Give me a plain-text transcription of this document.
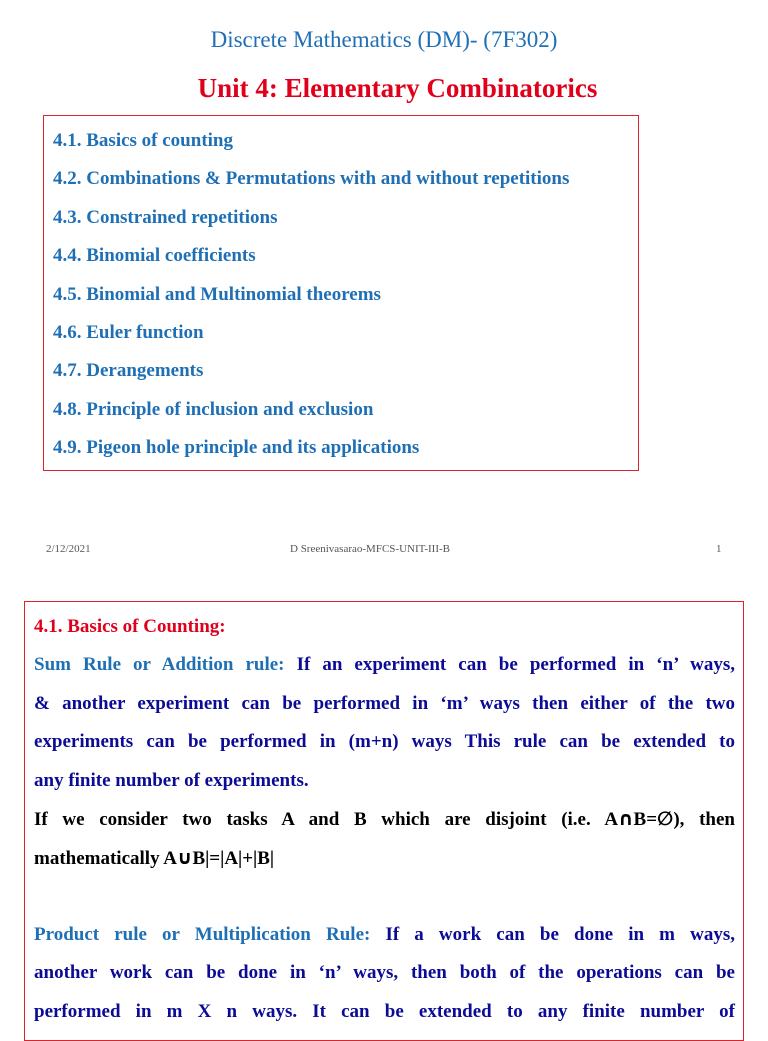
Discrete Mathematics (DM)- (7F302)
Unit 4: Elementary Combinatorics
4.1. Basics of counting
4.2. Combinations & Permutations with and without repetitions
4.3. Constrained repetitions
4.4. Binomial coefficients
4.5. Binomial and Multinomial theorems
4.6. Euler function
4.7. Derangements
4.8. Principle of inclusion and exclusion
4.9. Pigeon hole principle and its applications
2/12/2021	D Sreenivasarao-MFCS-UNIT-III-B	1
4.1. Basics of Counting:
Sum Rule or Addition rule: If an experiment can be performed in ‘n’ ways,
& another experiment can be performed in ‘m’ ways then either of the two
experiments can be performed in (m+n) ways This rule can be extended to
any finite number of experiments.
If we consider two tasks A and B which are disjoint (i.e. A∩B=∅), then
mathematically A∪B|=|A|+|B|
Product rule or Multiplication Rule: If a work can be done in m ways,
another work can be done in ‘n’ ways, then both of the operations can be
performed in m X n ways. It can be extended to any finite number of
